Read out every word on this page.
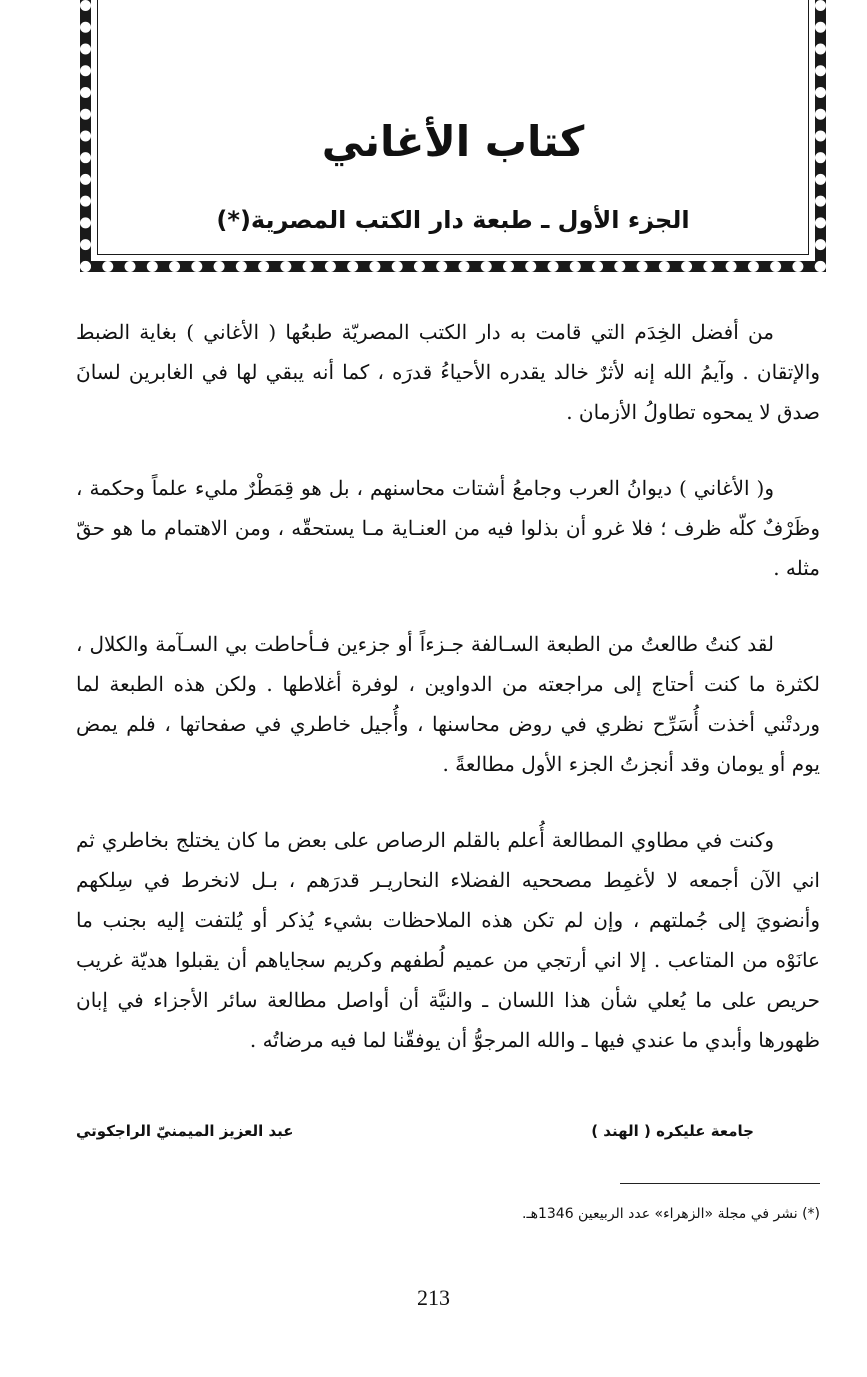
كتاب الأغاني
الجزء الأول ـ طبعة دار الكتب المصرية(*)

من أفضل الخِدَم التي قامت به دار الكتب المصريّة طبعُها ( الأغاني ) بغاية الضبط والإتقان . وآيمُ الله إنه لأثرٌ خالد يقدره الأحياءُ قدرَه ، كما أنه يبقي لها في الغابرين لسانَ صدق لا يمحوه تطاولُ الأزمان .

و( الأغاني ) ديوانُ العرب وجامعُ أشتات محاسنهم ، بل هو قِمَطْرٌ مليء علماً وحكمة ، وظَرْفٌ كلّه ظرف ؛ فلا غرو أن بذلوا فيه من العنـاية مـا يستحقّه ، ومن الاهتمام ما هو حقّ مثله .

لقد كنتُ طالعتُ من الطبعة السـالفة جـزءاً أو جزءين فـأحاطت بي السـآمة والكلال ، لكثرة ما كنت أحتاج إلى مراجعته من الدواوين ، لوفرة أغلاطها . ولكن هذه الطبعة لما وردتْني أخذت أُسَرِّح نظري في روض محاسنها ، وأُجيل خاطري في صفحاتها ، فلم يمض يوم أو يومان وقد أنجزتُ الجزء الأول مطالعةً .

وكنت في مطاوي المطالعة أُعلم بالقلم الرصاص على بعض ما كان يختلج بخاطري ثم اني الآن أجمعه لا لأغمِط مصححيه الفضلاء النحاريـر قدرَهم ، بـل لانخرط في سِلكهم وأنضويَ إلى جُملتهم ، وإن لم تكن هذه الملاحظات بشيء يُذكر أو يُلتفت إليه بجنب ما عانَوْه من المتاعب . إلا اني أرتجي من عميم لُطفهم وكريم سجاياهم أن يقبلوا هديّة غريب حريص على ما يُعلي شأن هذا اللسان ـ والنيَّة أن أواصل مطالعة سائر الأجزاء في إبان ظهورها وأبدي ما عندي فيها ـ والله المرجوُّ أن يوفقّنا لما فيه مرضاتُه .

جامعة عليكره ( الهند )
عبد العزيز الميمنيّ الراجكوتي
(*) نشر في مجلة «الزهراء» عدد الربيعين 1346هـ.
213
